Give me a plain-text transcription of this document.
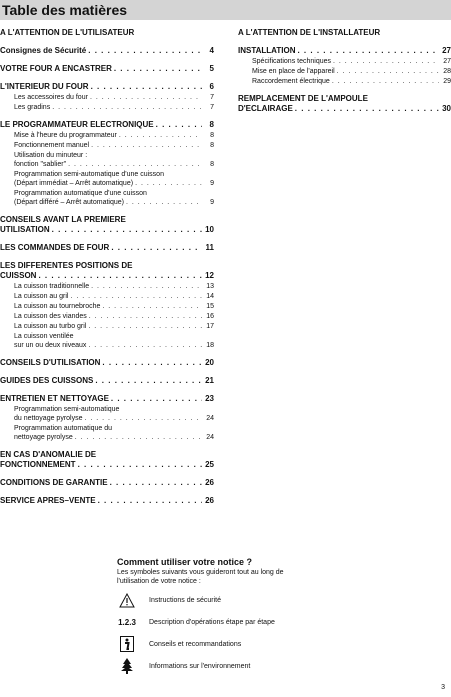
Table des matières
A L'ATTENTION DE L'UTILISATEUR
Consignes de Sécurité . . .	4
VOTRE FOUR A ENCASTRER . . .	5
L'INTERIEUR DU FOUR . . .	6
Les accessoires du four . . .	7
Les gradins . . .	7
LE PROGRAMMATEUR ELECTRONIQUE . . .	8
Mise à l'heure du programmateur . . .	8
Fonctionnement manuel . . .	8
Utilisation du minuteur :
fonction "sablier" . . .	8
Programmation semi-automatique d'une cuisson
(Départ immédiat – Arrêt automatique) . . .	9
Programmation automatique d'une cuisson
(Départ différé – Arrêt automatique) . . .	9
CONSEILS AVANT LA PREMIERE
UTILISATION . . .	10
LES COMMANDES DE FOUR . . .	11
LES DIFFERENTES POSITIONS DE
CUISSON . . .	12
La cuisson traditionnelle . . .	13
La cuisson au gril . . .	14
La cuisson au tournebroche . . .	15
La cuisson des viandes . . .	16
La cuisson au turbo gril . . .	17
La cuisson ventilée
sur un ou deux niveaux . . .	18
CONSEILS D'UTILISATION . . .	20
GUIDES DES CUISSONS . . .	21
ENTRETIEN ET NETTOYAGE . . .	23
Programmation semi-automatique
du nettoyage pyrolyse . . .	24
Programmation automatique du
nettoyage pyrolyse . . .	24
EN CAS D'ANOMALIE DE
FONCTIONNEMENT . . .	25
CONDITIONS DE GARANTIE . . .	26
SERVICE APRES–VENTE . . .	26
A L'ATTENTION DE L'INSTALLATEUR
INSTALLATION . . .	27
Spécifications techniques . . .	27
Mise en place de l'appareil . . .	28
Raccordement électrique . . .	29
REMPLACEMENT DE L'AMPOULE
D'ECLAIRAGE . . .	30
Comment utiliser votre notice ?
Les symboles suivants vous guideront tout au long de
l'utilisation de votre notice :
Instructions de sécurité
1.2.3 Description d'opérations étape par étape
Conseils et recommandations
Informations sur l'environnement
3
